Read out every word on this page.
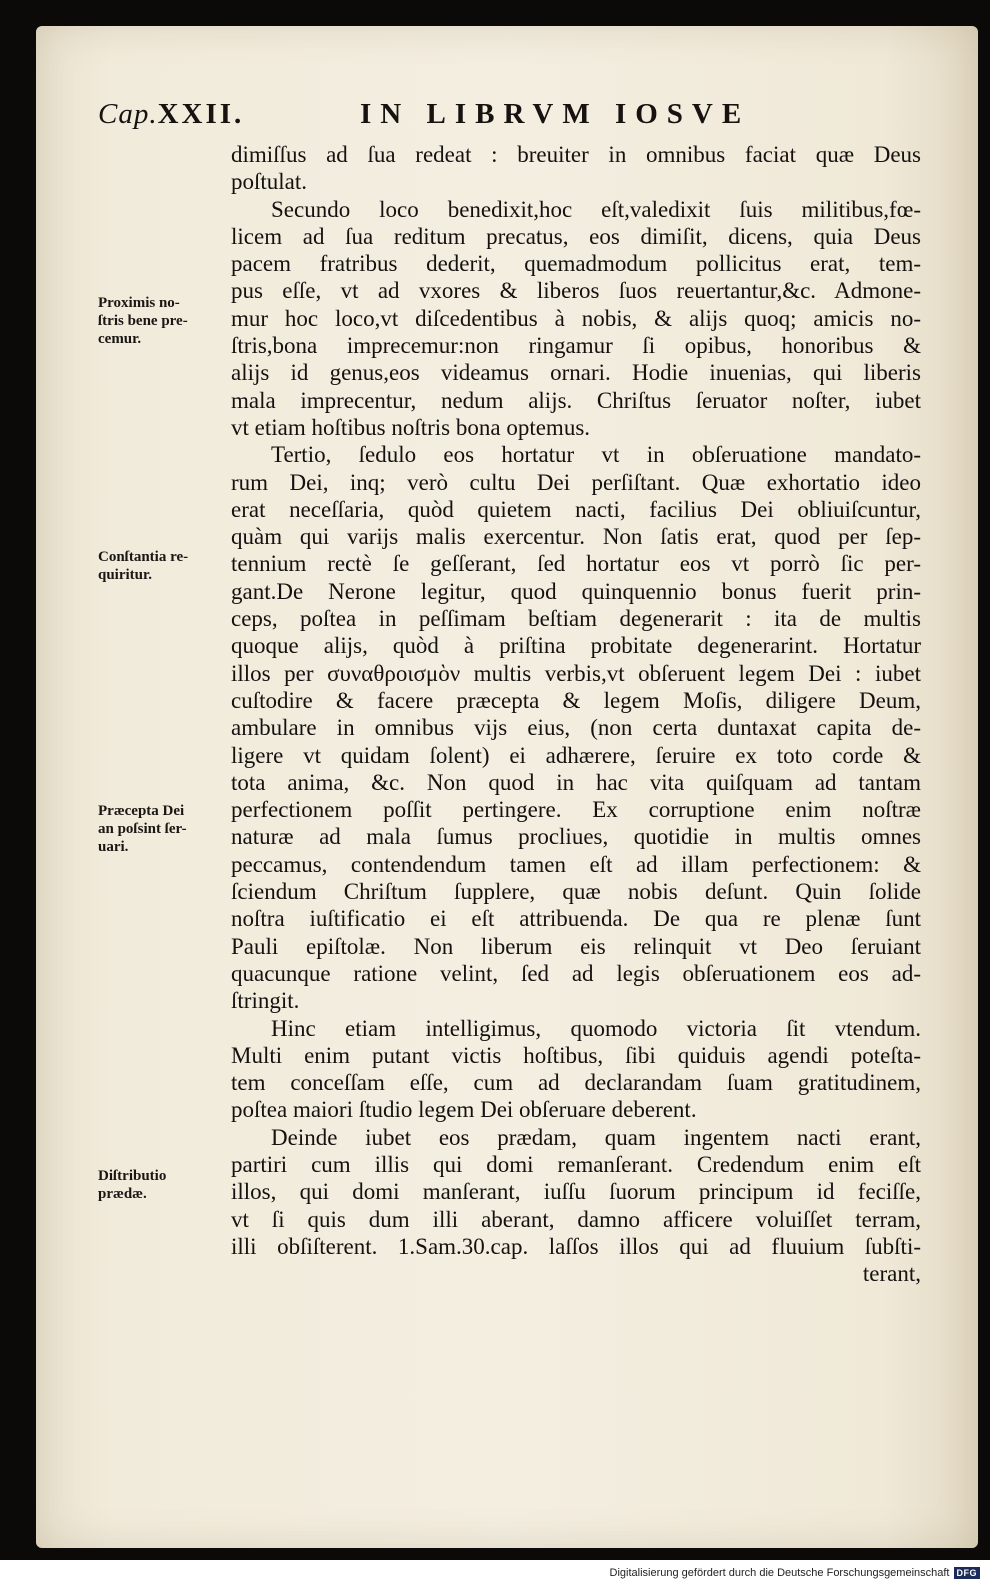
Cap.XXII.	IN LIBRVM IOSVE
dimiſſus ad ſua redeat : breuiter in omnibus faciat quæ Deus
poſtulat.
Secundo loco benedixit,hoc eſt,valedixit ſuis militibus,fœ-
licem ad ſua reditum precatus, eos dimiſit, dicens, quia Deus
pacem fratribus dederit, quemadmodum pollicitus erat, tem-
pus eſſe, vt ad vxores & liberos ſuos reuertantur,&c. Admone-
mur hoc loco,vt diſcedentibus à nobis, & alijs quoq; amicis no-
ſtris,bona imprecemur:non ringamur ſi opibus, honoribus &
alijs id genus,eos videamus ornari. Hodie inuenias, qui liberis
mala imprecentur, nedum alijs. Chriſtus ſeruator noſter, iubet
vt etiam hoſtibus noſtris bona optemus.
Tertio, ſedulo eos hortatur vt in obſeruatione mandato-
rum Dei, inq; verò cultu Dei perſiſtant. Quæ exhortatio ideo
erat neceſſaria, quòd quietem nacti, facilius Dei obliuiſcuntur,
quàm qui varijs malis exercentur. Non ſatis erat, quod per ſep-
tennium rectè ſe geſſerant, ſed hortatur eos vt porrò ſic per-
gant.De Nerone legitur, quod quinquennio bonus fuerit prin-
ceps, poſtea in peſſimam beſtiam degenerarit : ita de multis
quoque alijs, quòd à priſtina probitate degenerarint. Hortatur
illos per συναθροισμὸν multis verbis,vt obſeruent legem Dei : iubet
cuſtodire & facere præcepta & legem Moſis, diligere Deum,
ambulare in omnibus vijs eius, (non certa duntaxat capita de-
ligere vt quidam ſolent) ei adhærere, ſeruire ex toto corde &
tota anima, &c. Non quod in hac vita quiſquam ad tantam
perfectionem poſſit pertingere. Ex corruptione enim noſtræ
naturæ ad mala ſumus procliues, quotidie in multis omnes
peccamus, contendendum tamen eſt ad illam perfectionem: &
ſciendum Chriſtum ſupplere, quæ nobis deſunt. Quin ſolide
noſtra iuſtificatio ei eſt attribuenda. De qua re plenæ ſunt
Pauli epiſtolæ. Non liberum eis relinquit vt Deo ſeruiant
quacunque ratione velint, ſed ad legis obſeruationem eos ad-
ſtringit.
Hinc etiam intelligimus, quomodo victoria ſit vtendum.
Multi enim putant victis hoſtibus, ſibi quiduis agendi poteſta-
tem conceſſam eſſe, cum ad declarandam ſuam gratitudinem,
poſtea maiori ſtudio legem Dei obſeruare deberent.
Deinde iubet eos prædam, quam ingentem nacti erant,
partiri cum illis qui domi remanſerant. Credendum enim eſt
illos, qui domi manſerant, iuſſu ſuorum principum id feciſſe,
vt ſi quis dum illi aberant, damno afficere voluiſſet terram,
illi obſiſterent. 1.Sam.30.cap. laſſos illos qui ad fluuium ſubſti-
terant,
Proximis no-
ſtris bene pre-
cemur.
Conſtantia re-
quiritur.
Præcepta Dei
an poſsint ſer-
uari.
Diſtributio
prædæ.
Digitalisierung gefördert durch die Deutsche Forschungsgemeinschaft DFG
